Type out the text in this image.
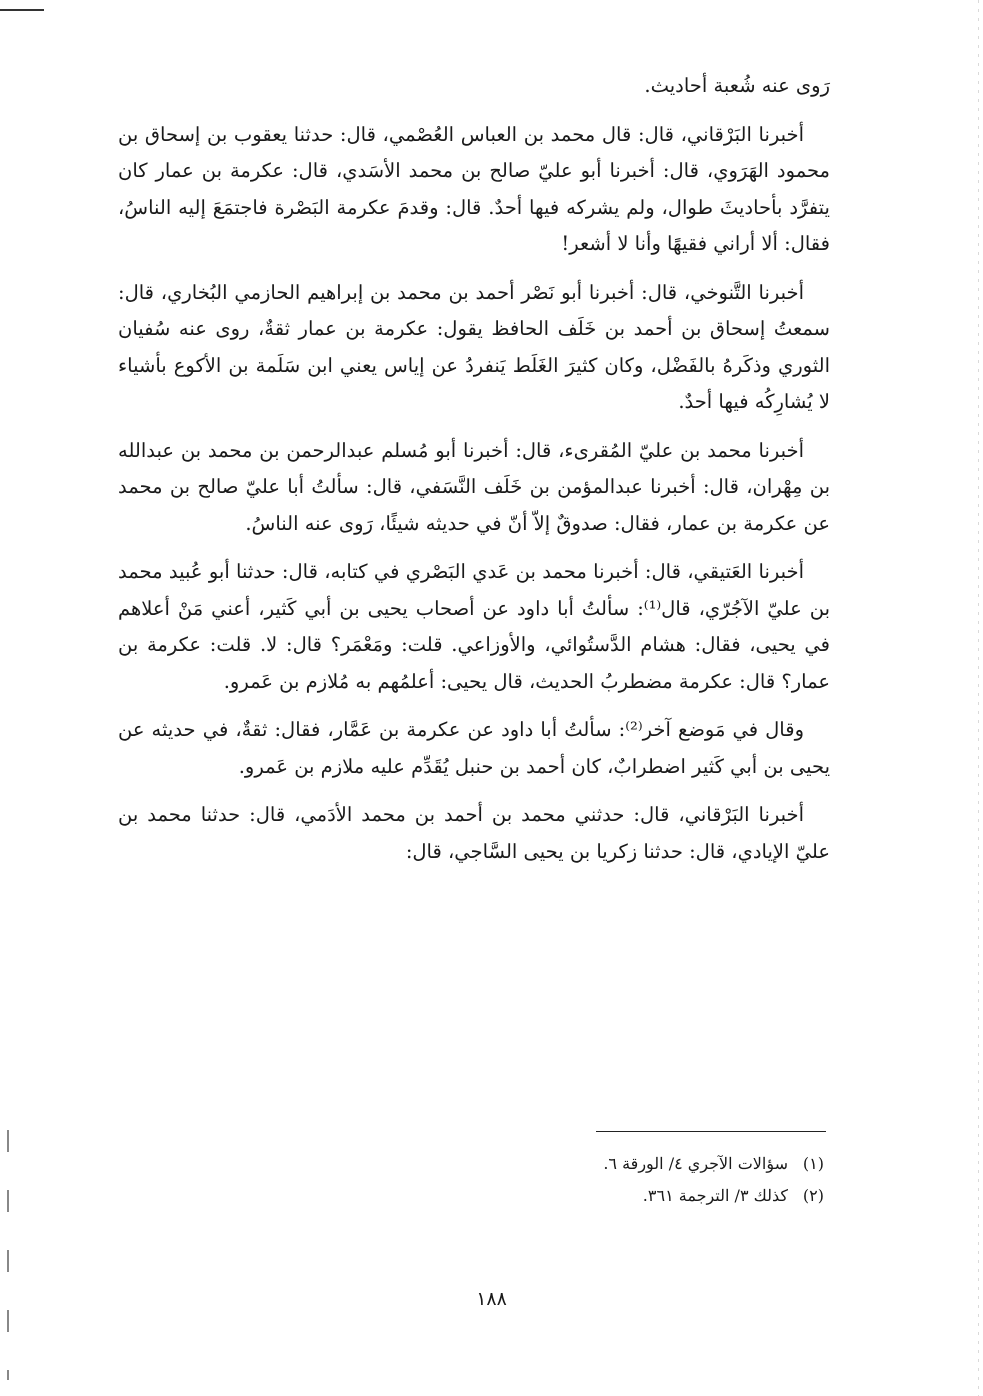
رَوى عنه شُعبة أحاديث.

أخبرنا البَرْقاني، قال: قال محمد بن العباس العُصْمي، قال: حدثنا يعقوب بن إسحاق بن محمود الهَرَوي، قال: أخبرنا أبو عليّ صالح بن محمد الأسَدي، قال: عكرمة بن عمار كان يتفرَّد بأحاديثَ طوال، ولم يشركه فيها أحدٌ. قال: وقدمَ عكرمة البَصْرة فاجتمَعَ إليه الناسُ، فقال: ألا أراني فقيهًا وأنا لا أشعر!

أخبرنا التَّنوخي، قال: أخبرنا أبو نَصْر أحمد بن محمد بن إبراهيم الحازمي البُخاري، قال: سمعتُ إسحاق بن أحمد بن خَلَف الحافظ يقول: عكرمة بن عمار ثقةٌ، روى عنه سُفيان الثوري وذكَرهُ بالفَضْل، وكان كثيرَ الغَلَط يَنفردُ عن إياس يعني ابن سَلَمة بن الأكوع بأشياء لا يُشارِكُه فيها أحدٌ.

أخبرنا محمد بن عليّ المُقرىء، قال: أخبرنا أبو مُسلم عبدالرحمن بن محمد بن عبدالله بن مِهْران، قال: أخبرنا عبدالمؤمن بن خَلَف النَّسَفي، قال: سألتُ أبا عليّ صالح بن محمد عن عكرمة بن عمار، فقال: صدوقٌ إلاّ أنّ في حديثه شيئًا، رَوى عنه الناسُ.

أخبرنا العَتيقي، قال: أخبرنا محمد بن عَدي البَصْري في كتابه، قال: حدثنا أبو عُبيد محمد بن عليّ الآجُرّي، قال⁽¹⁾: سألتُ أبا داود عن أصحاب يحيى بن أبي كَثير، أعني مَنْ أعلاهم في يحيى، فقال: هشام الدَّستُوائي، والأوزاعي. قلت: ومَعْمَر؟ قال: لا. قلت: عكرمة بن عمار؟ قال: عكرمة مضطربُ الحديث، قال يحيى: أعلمُهم به مُلازم بن عَمرو.

وقال في مَوضع آخر⁽²⁾: سألتُ أبا داود عن عكرمة بن عَمَّار، فقال: ثقةٌ، في حديثه عن يحيى بن أبي كَثير اضطرابٌ، كان أحمد بن حنبل يُقَدِّم عليه ملازم بن عَمرو.

أخبرنا البَرْقاني، قال: حدثني محمد بن أحمد بن محمد الأدَمي، قال: حدثنا محمد بن عليّ الإيادي، قال: حدثنا زكريا بن يحيى السَّاجي، قال:

(١)
سؤالات الآجري ٤/ الورقة ٦.
(٢)
كذلك ٣/ الترجمة ٣٦١.
١٨٨
